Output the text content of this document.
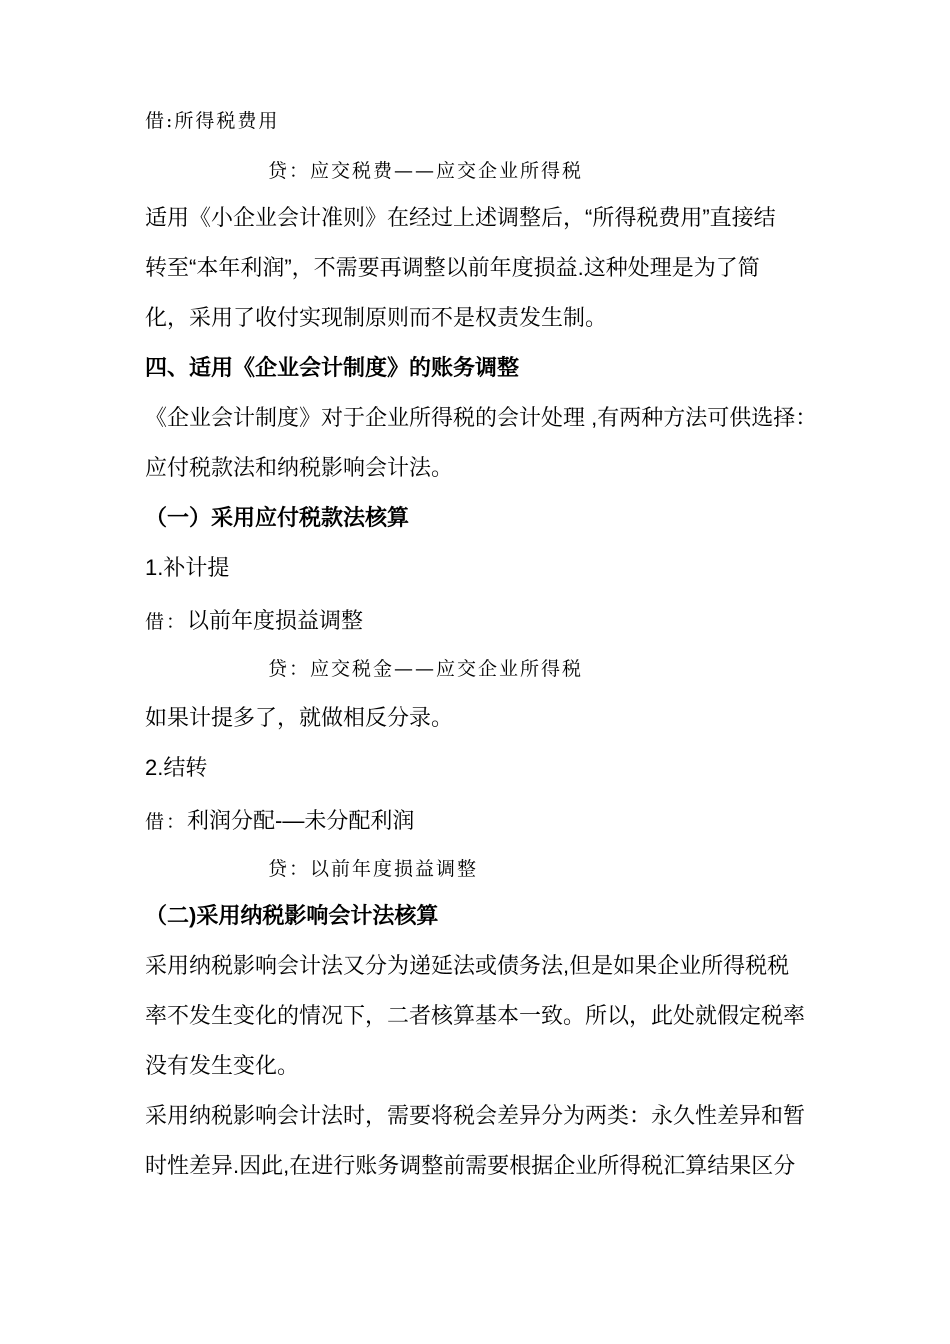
借:所得税费用
贷：应交税费——应交企业所得税
适用《小企业会计准则》在经过上述调整后，“所得税费用”直接结
转至“本年利润”，不需要再调整以前年度损益.这种处理是为了简
化，采用了收付实现制原则而不是权责发生制。
四、适用《企业会计制度》的账务调整
《企业会计制度》对于企业所得税的会计处理 ,有两种方法可供选择：
应付税款法和纳税影响会计法。
（一）采用应付税款法核算
1.补计提
借：以前年度损益调整
贷：应交税金——应交企业所得税
如果计提多了，就做相反分录。
2.结转
借：利润分配-—未分配利润
贷：以前年度损益调整
（二)采用纳税影响会计法核算
采用纳税影响会计法又分为递延法或债务法,但是如果企业所得税税
率不发生变化的情况下，二者核算基本一致。所以，此处就假定税率
没有发生变化。
采用纳税影响会计法时，需要将税会差异分为两类：永久性差异和暂
时性差异.因此,在进行账务调整前需要根据企业所得税汇算结果区分
